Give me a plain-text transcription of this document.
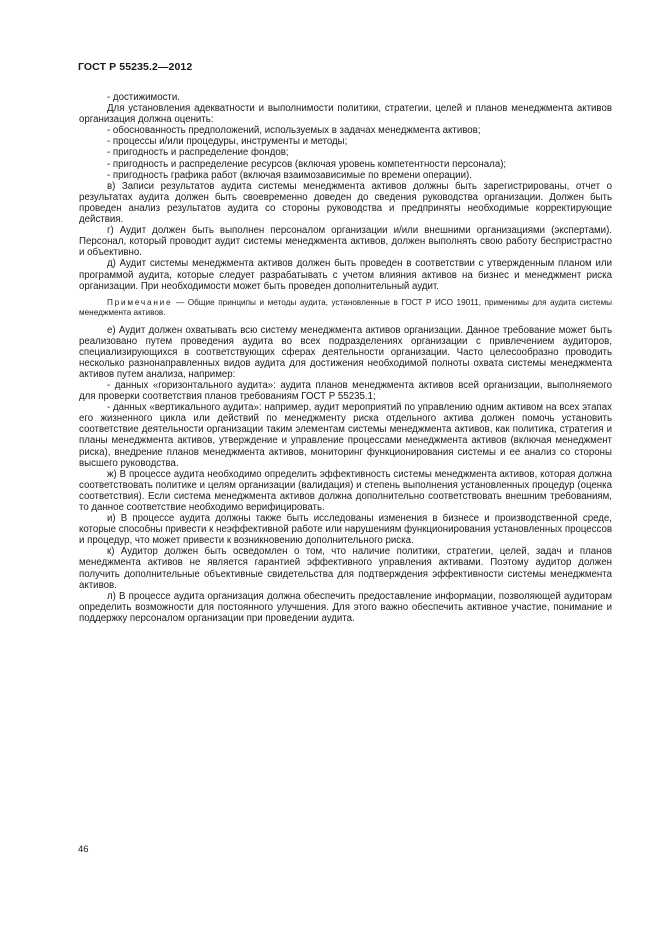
ГОСТ Р 55235.2—2012

- достижимости.

Для установления адекватности и выполнимости политики, стратегии, целей и планов менеджмента активов организация должна оценить:

- обоснованность предположений, используемых в задачах менеджмента активов;

- процессы и/или процедуры, инструменты и методы;

- пригодность и распределение фондов;

- пригодность и распределение ресурсов (включая уровень компетентности персонала);

- пригодность графика работ (включая взаимозависимые по времени операции).

в) Записи результатов аудита системы менеджмента активов должны быть зарегистрированы, отчет о результатах аудита должен быть своевременно доведен до сведения руководства организации. Должен быть проведен анализ результатов аудита со стороны руководства и предприняты необходимые корректирующие действия.

г) Аудит должен быть выполнен персоналом организации и/или внешними организациями (экспертами). Персонал, который проводит аудит системы менеджмента активов, должен выполнять свою работу беспристрастно и объективно.

д) Аудит системы менеджмента активов должен быть проведен в соответствии с утвержденным планом или программой аудита, которые следует разрабатывать с учетом влияния активов на бизнес и менеджмент риска организации. При необходимости может быть проведен дополнительный аудит.

Примечание — Общие принципы и методы аудита, установленные в ГОСТ Р ИСО 19011, применимы для аудита системы менеджмента активов.

е) Аудит должен охватывать всю систему менеджмента активов организации. Данное требование может быть реализовано путем проведения аудита во всех подразделениях организации с привлечением аудиторов, специализирующихся в соответствующих сферах деятельности организации. Часто целесообразно проводить несколько разнонаправленных видов аудита для достижения необходимой полноты охвата системы менеджмента активов путем анализа, например:

- данных «горизонтального аудита»: аудита планов менеджмента активов всей организации, выполняемого для проверки соответствия планов требованиям ГОСТ Р 55235.1;

- данных «вертикального аудита»: например, аудит мероприятий по управлению одним активом на всех этапах его жизненного цикла или действий по менеджменту риска отдельного актива должен помочь установить соответствие деятельности организации таким элементам системы менеджмента активов, как политика, стратегия и планы менеджмента активов, утверждение и управление процессами менеджмента активов (включая менеджмент риска), внедрение планов менеджмента активов, мониторинг функционирования системы и ее анализ со стороны высшего руководства.

ж) В процессе аудита необходимо определить эффективность системы менеджмента активов, которая должна соответствовать политике и целям организации (валидация) и степень выполнения установленных процедур (оценка соответствия). Если система менеджмента активов должна дополнительно соответствовать внешним требованиям, то данное соответствие необходимо верифицировать.

и) В процессе аудита должны также быть исследованы изменения в бизнесе и производственной среде, которые способны привести к неэффективной работе или нарушениям функционирования установленных процессов и процедур, что может привести к возникновению дополнительного риска.

к) Аудитор должен быть осведомлен о том, что наличие политики, стратегии, целей, задач и планов менеджмента активов не является гарантией эффективного управления активами. Поэтому аудитор должен получить дополнительные объективные свидетельства для подтверждения эффективности системы менеджмента активов.

л) В процессе аудита организация должна обеспечить предоставление информации, позволяющей аудиторам определить возможности для постоянного улучшения. Для этого важно обеспечить активное участие, понимание и поддержку персоналом организации при проведении аудита.

46
